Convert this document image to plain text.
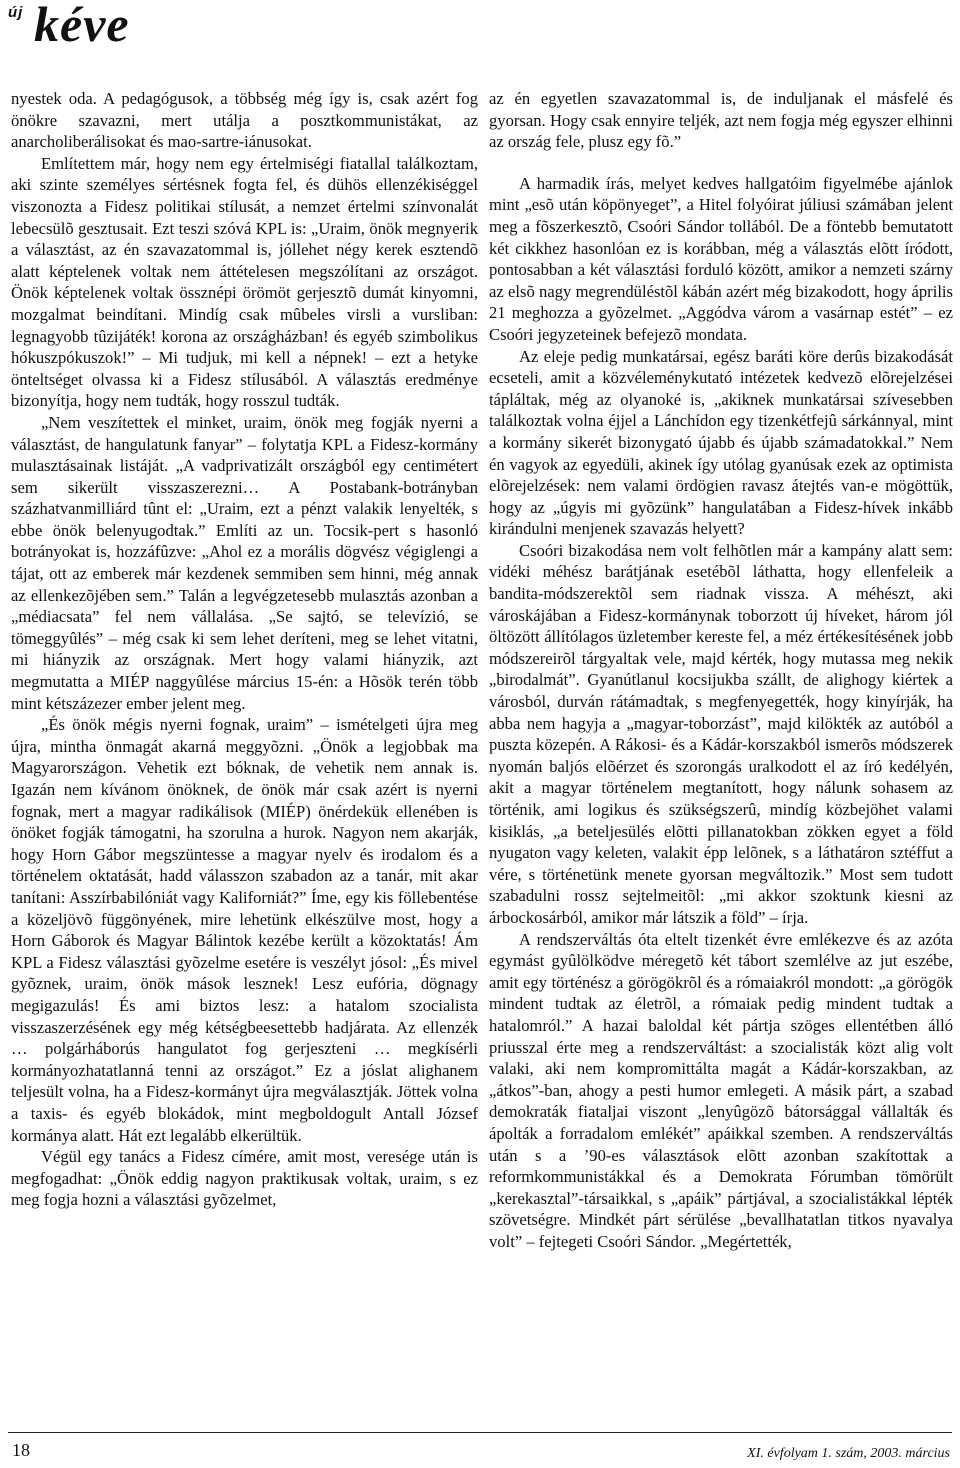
új kéve

nyestek oda. A pedagógusok, a többség még így is, csak azért fog önökre szavazni, mert utálja a posztkommunistákat, az anarcholiberálisokat és mao-sartre-iánusokat.

Említettem már, hogy nem egy értelmiségi fiatallal találkoztam, aki szinte személyes sértésnek fogta fel, és dühös ellenzékiséggel viszonozta a Fidesz politikai stílusát, a nemzet értelmi színvonalát lebecsülõ gesztusait. Ezt teszi szóvá KPL is: „Uraim, önök megnyerik a választást, az én szavazatommal is, jóllehet négy kerek esztendõ alatt képtelenek voltak nem áttételesen megszólítani az országot. Önök képtelenek voltak össznépi örömöt gerjesztõ dumát kinyomni, mozgalmat beindítani. Mindíg csak mûbeles virsli a vursliban: legnagyobb tûzijáték! korona az országházban! és egyéb szimbolikus hókuszpókuszok!” – Mi tudjuk, mi kell a népnek! – ezt a hetyke önteltséget olvassa ki a Fidesz stílusából. A választás eredménye bizonyítja, hogy nem tudták, hogy rosszul tudták.

„Nem veszítettek el minket, uraim, önök meg fogják nyerni a választást, de hangulatunk fanyar” – folytatja KPL a Fidesz-kormány mulasztásainak listáját. „A vadprivatizált országból egy centimétert sem sikerült visszaszerezni… A Postabank-botrányban százhatvanmilliárd tûnt el: „Uraim, ezt a pénzt valakik lenyelték, s ebbe önök belenyugodtak.” Említi az un. Tocsik-pert s hasonló botrányokat is, hozzáfûzve: „Ahol ez a morális dögvész végiglengi a tájat, ott az emberek már kezdenek semmiben sem hinni, még annak az ellenkezõjében sem.” Talán a legvégzetesebb mulasztás azonban a „médiacsata” fel nem vállalása. „Se sajtó, se televízió, se tömeggyûlés” – még csak ki sem lehet deríteni, meg se lehet vitatni, mi hiányzik az országnak. Mert hogy valami hiányzik, azt megmutatta a MIÉP naggyûlése március 15-én: a Hõsök terén több mint kétszázezer ember jelent meg.

„És önök mégis nyerni fognak, uraim” – ismételgeti újra meg újra, mintha önmagát akarná meggyõzni. „Önök a legjobbak ma Magyarországon. Vehetik ezt bóknak, de vehetik nem annak is. Igazán nem kívánom önöknek, de önök már csak azért is nyerni fognak, mert a magyar radikálisok (MIÉP) önérdekük ellenében is önöket fogják támogatni, ha szorulna a hurok. Nagyon nem akarják, hogy Horn Gábor megszüntesse a magyar nyelv és irodalom és a történelem oktatását, hadd válasszon szabadon az a tanár, mit akar tanítani: Asszírbabilóniát vagy Kaliforniát?” Íme, egy kis föllebentése a közeljövõ függönyének, mire lehetünk elkészülve most, hogy a Horn Gáborok és Magyar Bálintok kezébe került a közoktatás! Ám KPL a Fidesz választási gyõzelme esetére is veszélyt jósol: „És mivel gyõznek, uraim, önök mások lesznek! Lesz eufória, dögnagy megigazulás! És ami biztos lesz: a hatalom szocialista visszaszerzésének egy még kétségbeesettebb hadjárata. Az ellenzék … polgárháborús hangulatot fog gerjeszteni … megkísérli kormányozhatatlanná tenni az országot.” Ez a jóslat alighanem teljesült volna, ha a Fidesz-kormányt újra megválasztják. Jöttek volna a taxis- és egyéb blokádok, mint megboldogult Antall József kormánya alatt. Hát ezt legalább elkerültük.

Végül egy tanács a Fidesz címére, amit most, veresége után is megfogadhat: „Önök eddig nagyon praktikusak voltak, uraim, s ez meg fogja hozni a választási gyõzelmet,

az én egyetlen szavazatommal is, de induljanak el másfelé és gyorsan. Hogy csak ennyire teljék, azt nem fogja még egyszer elhinni az ország fele, plusz egy fõ.”

A harmadik írás, melyet kedves hallgatóim figyelmébe ajánlok mint „esõ után köpönyeget”, a Hitel folyóirat júliusi számában jelent meg a fõszerkesztõ, Csoóri Sándor tollából. De a föntebb bemutatott két cikkhez hasonlóan ez is korábban, még a választás elõtt íródott, pontosabban a két választási forduló között, amikor a nemzeti szárny az elsõ nagy megrendüléstõl kábán azért még bizakodott, hogy április 21 meghozza a gyõzelmet. „Aggódva várom a vasárnap estét” – ez Csoóri jegyzeteinek befejezõ mondata.

Az eleje pedig munkatársai, egész baráti köre derûs bizakodását ecseteli, amit a közvéleménykutató intézetek kedvezõ elõrejelzései tápláltak, még az olyanoké is, „akiknek munkatársai szívesebben találkoztak volna éjjel a Lánchídon egy tizenkétfejû sárkánnyal, mint a kormány sikerét bizonygató újabb és újabb számadatokkal.” Nem én vagyok az egyedüli, akinek így utólag gyanúsak ezek az optimista elõrejelzések: nem valami ördögien ravasz átejtés van-e mögöttük, hogy az „úgyis mi gyõzünk” hangulatában a Fidesz-hívek inkább kirándulni menjenek szavazás helyett?

Csoóri bizakodása nem volt felhõtlen már a kampány alatt sem: vidéki méhész barátjának esetébõl láthatta, hogy ellenfeleik a bandita-módszerektõl sem riadnak vissza. A méhészt, aki városkájában a Fidesz-kormánynak toborzott új híveket, három jól öltözött állítólagos üzletember kereste fel, a méz értékesítésének jobb módszereirõl tárgyaltak vele, majd kérték, hogy mutassa meg nekik „birodalmát”. Gyanútlanul kocsijukba szállt, de alighogy kiértek a városból, durván rátámadtak, s megfenyegették, hogy kinyírják, ha abba nem hagyja a „magyar-toborzást”, majd kilökték az autóból a puszta közepén. A Rákosi- és a Kádár-korszakból ismerõs módszerek nyomán baljós elõérzet és szorongás uralkodott el az író kedélyén, akit a magyar történelem megtanított, hogy nálunk sohasem az történik, ami logikus és szükségszerû, mindíg közbejöhet valami kisiklás, „a beteljesülés elõtti pillanatokban zökken egyet a föld nyugaton vagy keleten, valakit épp lelõnek, s a láthatáron sztéffut a vére, s történetünk menete gyorsan megváltozik.” Most sem tudott szabadulni rossz sejtelmeitõl: „mi akkor szoktunk kiesni az árbockosárból, amikor már látszik a föld” – írja.

A rendszerváltás óta eltelt tizenkét évre emlékezve és az azóta egymást gyûlölködve méregetõ két tábort szemlélve az jut eszébe, amit egy történész a görögökrõl és a rómaiakról mondott: „a görögök mindent tudtak az életrõl, a rómaiak pedig mindent tudtak a hatalomról.” A hazai baloldal két pártja szöges ellentétben álló priusszal érte meg a rendszerváltást: a szocialisták közt alig volt valaki, aki nem kompromittálta magát a Kádár-korszakban, az „átkos”-ban, ahogy a pesti humor emlegeti. A másik párt, a szabad demokraták fiataljai viszont „lenyûgözõ bátorsággal vállalták és ápolták a forradalom emlékét” apáikkal szemben. A rendszerváltás után s a ’90-es választások elõtt azonban szakítottak a reformkommunistákkal és a Demokrata Fórumban tömörült „kerekasztal”-társaikkal, s „apáik” pártjával, a szocialistákkal lépték szövetségre. Mindkét párt sérülése „bevallhatatlan titkos nyavalya volt” – fejtegeti Csoóri Sándor. „Megértették,

18	XI. évfolyam 1. szám, 2003. március
